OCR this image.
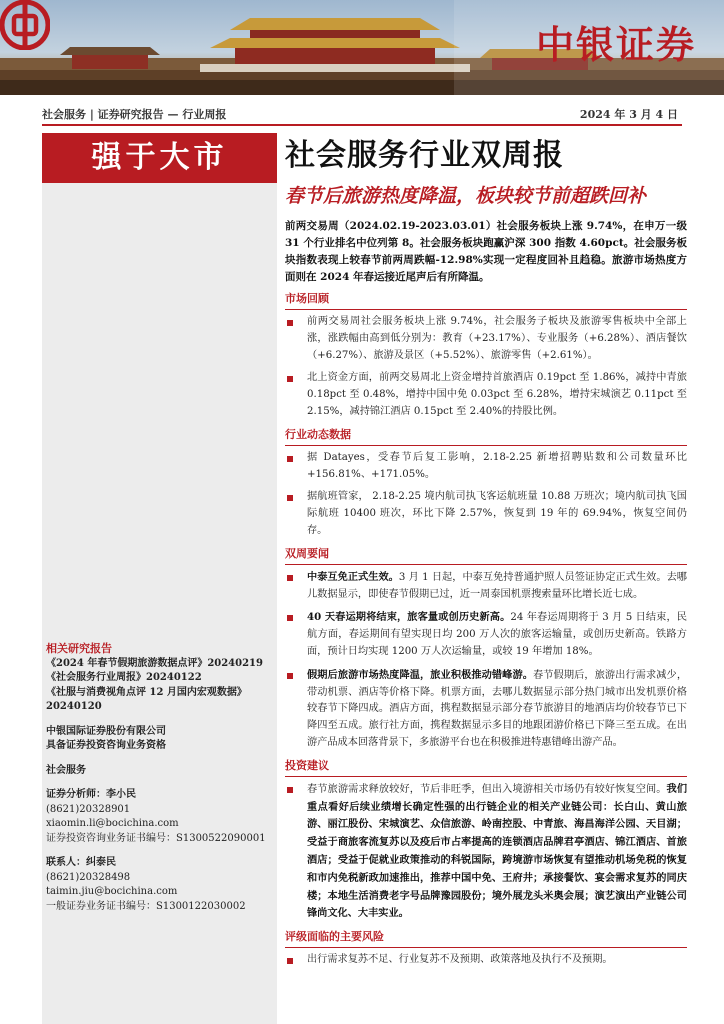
中银证券
社会服务 | 证券研究报告 — 行业周报	2024 年 3 月 4 日
强于大市
相关研究报告
《2024 年春节假期旅游数据点评》20240219
《社会服务行业周报》20240122
《社服与消费视角点评 12 月国内宏观数据》20240120
中银国际证券股份有限公司
具备证券投资咨询业务资格
社会服务
证券分析师：李小民
(8621)20328901
xiaomin.li@bocichina.com
证券投资咨询业务证书编号：S1300522090001
联系人：纠泰民
(8621)20328498
taimin.jiu@bocichina.com
一般证券业务证书编号：S1300122030002
社会服务行业双周报
春节后旅游热度降温，板块较节前超跌回补
前两交易周（2024.02.19-2023.03.01）社会服务板块上涨 9.74%，在申万一级 31 个行业排名中位列第 8。社会服务板块跑赢沪深 300 指数 4.60pct。社会服务板块指数表现上较春节前两周跌幅-12.98%实现一定程度回补且趋稳。旅游市场热度方面则在 2024 年春运接近尾声后有所降温。
市场回顾
前两交易周社会服务板块上涨 9.74%，社会服务子板块及旅游零售板块中全部上涨，涨跌幅由高到低分别为：教育（+23.17%）、专业服务（+6.28%）、酒店餐饮（+6.27%）、旅游及景区（+5.52%）、旅游零售（+2.61%）。
北上资金方面，前两交易周北上资金增持首旅酒店 0.19pct 至 1.86%，减持中青旅 0.18pct 至 0.48%，增持中国中免 0.03pct 至 6.28%，增持宋城演艺 0.11pct 至 2.15%，减持锦江酒店 0.15pct 至 2.40%的持股比例。
行业动态数据
据 Datayes，受春节后复工影响，2.18-2.25 新增招聘贴数和公司数量环比+156.81%、+171.05%。
据航班管家， 2.18-2.25 境内航司执飞客运航班量 10.88 万班次；境内航司执飞国际航班 10400 班次，环比下降 2.57%，恢复到 19 年的 69.94%，恢复空间仍存。
双周要闻
中泰互免正式生效。3 月 1 日起，中泰互免持普通护照人员签证协定正式生效。去哪儿数据显示，即使春节假期已过，近一周泰国机票搜索量环比增长近七成。
40 天春运期将结束，旅客量或创历史新高。24 年春运周期将于 3 月 5 日结束，民航方面，春运期间有望实现日均 200 万人次的旅客运输量，或创历史新高。铁路方面，预计日均实现 1200 万人次运输量，或较 19 年增加 18%。
假期后旅游市场热度降温，旅业积极推动错峰游。春节假期后，旅游出行需求减少，带动机票、酒店等价格下降。机票方面，去哪儿数据显示部分热门城市出发机票价格较春节下降四成。酒店方面，携程数据显示部分春节旅游目的地酒店均价较春节已下降四至五成。旅行社方面，携程数据显示多目的地跟团游价格已下降三至五成。在出游产品成本回落背景下，多旅游平台也在积极推进特惠错峰出游产品。
投资建议
春节旅游需求释放较好，节后非旺季，但出入境游相关市场仍有较好恢复空间。我们重点看好后续业绩增长确定性强的出行链企业的相关产业链公司：长白山、黄山旅游、丽江股份、宋城演艺、众信旅游、岭南控股、中青旅、海昌海洋公园、天目湖；受益于商旅客流复苏以及疫后市占率提高的连锁酒店品牌君亭酒店、锦江酒店、首旅酒店；受益于促就业政策推动的科锐国际，跨境游市场恢复有望推动机场免税的恢复和市内免税新政加速推出，推荐中国中免、王府井；承接餐饮、宴会需求复苏的同庆楼；本地生活消费老字号品牌豫园股份；境外展龙头米奥会展；演艺演出产业链公司锋尚文化、大丰实业。
评级面临的主要风险
出行需求复苏不足、行业复苏不及预期、政策落地及执行不及预期。
